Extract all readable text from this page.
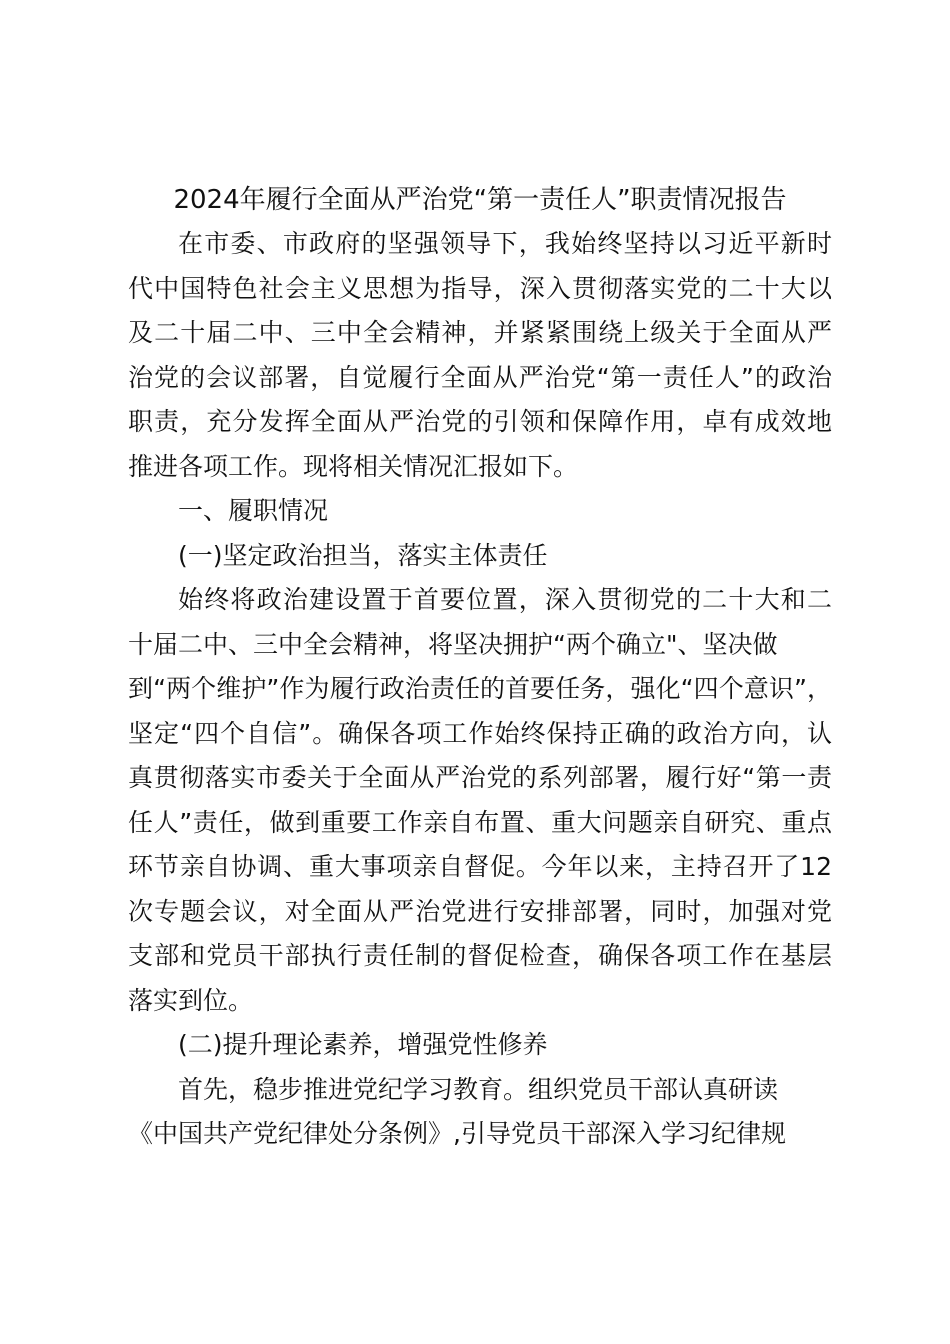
2024年履行全面从严治党“第一责任人”职责情况报告
在市委、市政府的坚强领导下，我始终坚持以习近平新时
代中国特色社会主义思想为指导，深入贯彻落实党的二十大以
及二十届二中、三中全会精神，并紧紧围绕上级关于全面从严
治党的会议部署，自觉履行全面从严治党“第一责任人”的政治
职责，充分发挥全面从严治党的引领和保障作用，卓有成效地
推进各项工作。现将相关情况汇报如下。
一、履职情况
(一)坚定政治担当，落实主体责任
始终将政治建设置于首要位置，深入贯彻党的二十大和二
十届二中、三中全会精神，将坚决拥护“两个确立"、坚决做
到“两个维护”作为履行政治责任的首要任务，强化“四个意识”，
坚定“四个自信”。确保各项工作始终保持正确的政治方向，认
真贯彻落实市委关于全面从严治党的系列部署，履行好“第一责
任人”责任，做到重要工作亲自布置、重大问题亲自研究、重点
环节亲自协调、重大事项亲自督促。今年以来，主持召开了12
次专题会议，对全面从严治党进行安排部署，同时，加强对党
支部和党员干部执行责任制的督促检查，确保各项工作在基层
落实到位。
(二)提升理论素养，增强党性修养
首先，稳步推进党纪学习教育。组织党员干部认真研读
《中国共产党纪律处分条例》,引导党员干部深入学习纪律规
